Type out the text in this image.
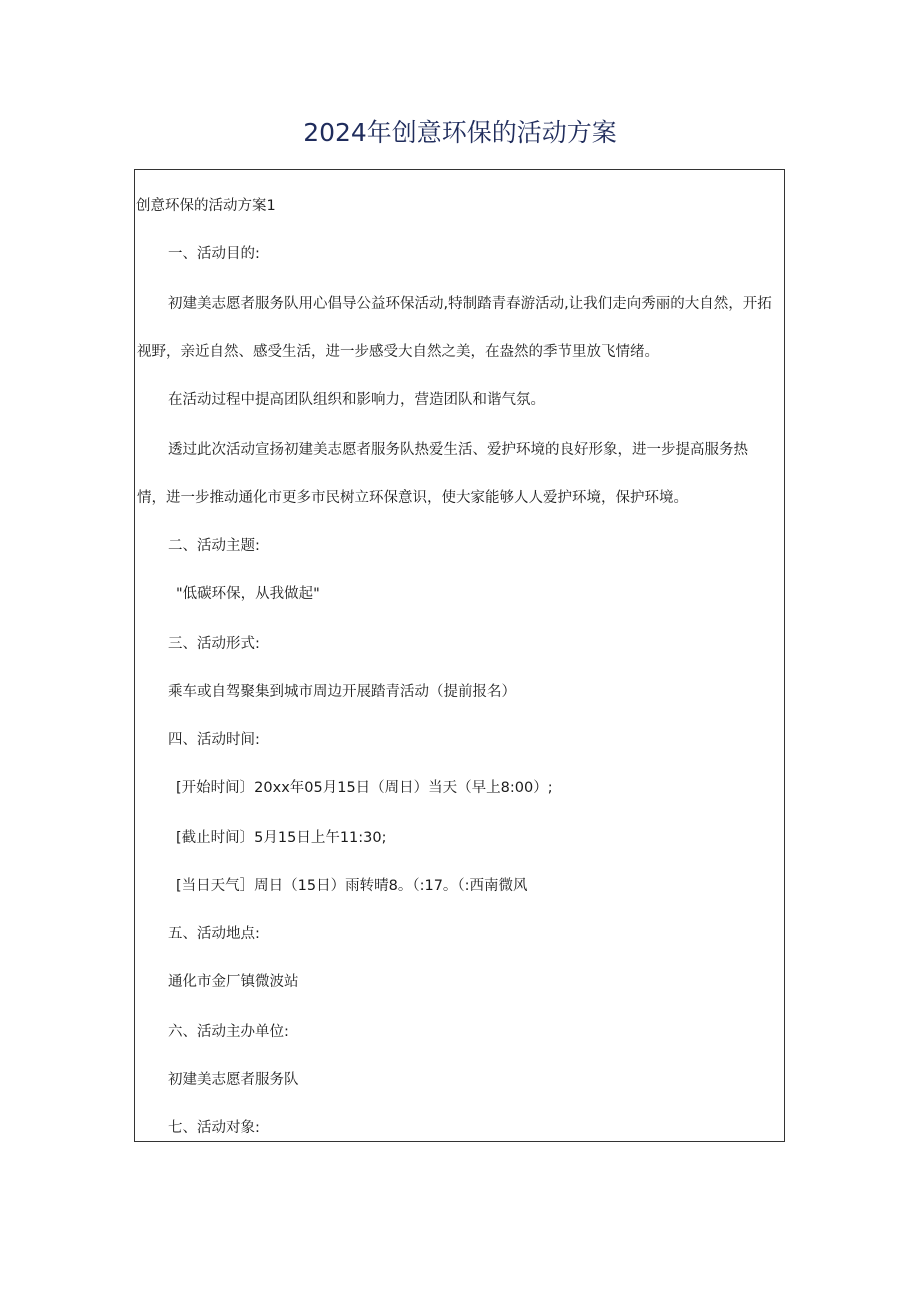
2024年创意环保的活动方案
创意环保的活动方案1
一、活动目的:
初建美志愿者服务队用心倡导公益环保活动,特制踏青春游活动,让我们走向秀丽的大自然，开拓
视野，亲近自然、感受生活，进一步感受大自然之美，在盎然的季节里放飞情绪。
在活动过程中提高团队组织和影响力，营造团队和谐气氛。
透过此次活动宣扬初建美志愿者服务队热爱生活、爱护环境的良好形象，进一步提高服务热
情，进一步推动通化市更多市民树立环保意识，使大家能够人人爱护环境，保护环境。
二、活动主题:
"低碳环保，从我做起"
三、活动形式:
乘车或自驾聚集到城市周边开展踏青活动（提前报名）
四、活动时间:
[开始时间〕20xx年05月15日（周日）当天（早上8:00）;
[截止时间〕5月15日上午11:30;
[当日天气］周日（15日）雨转晴8。（:17。（:西南微风
五、活动地点:
通化市金厂镇微波站
六、活动主办单位:
初建美志愿者服务队
七、活动对象:
